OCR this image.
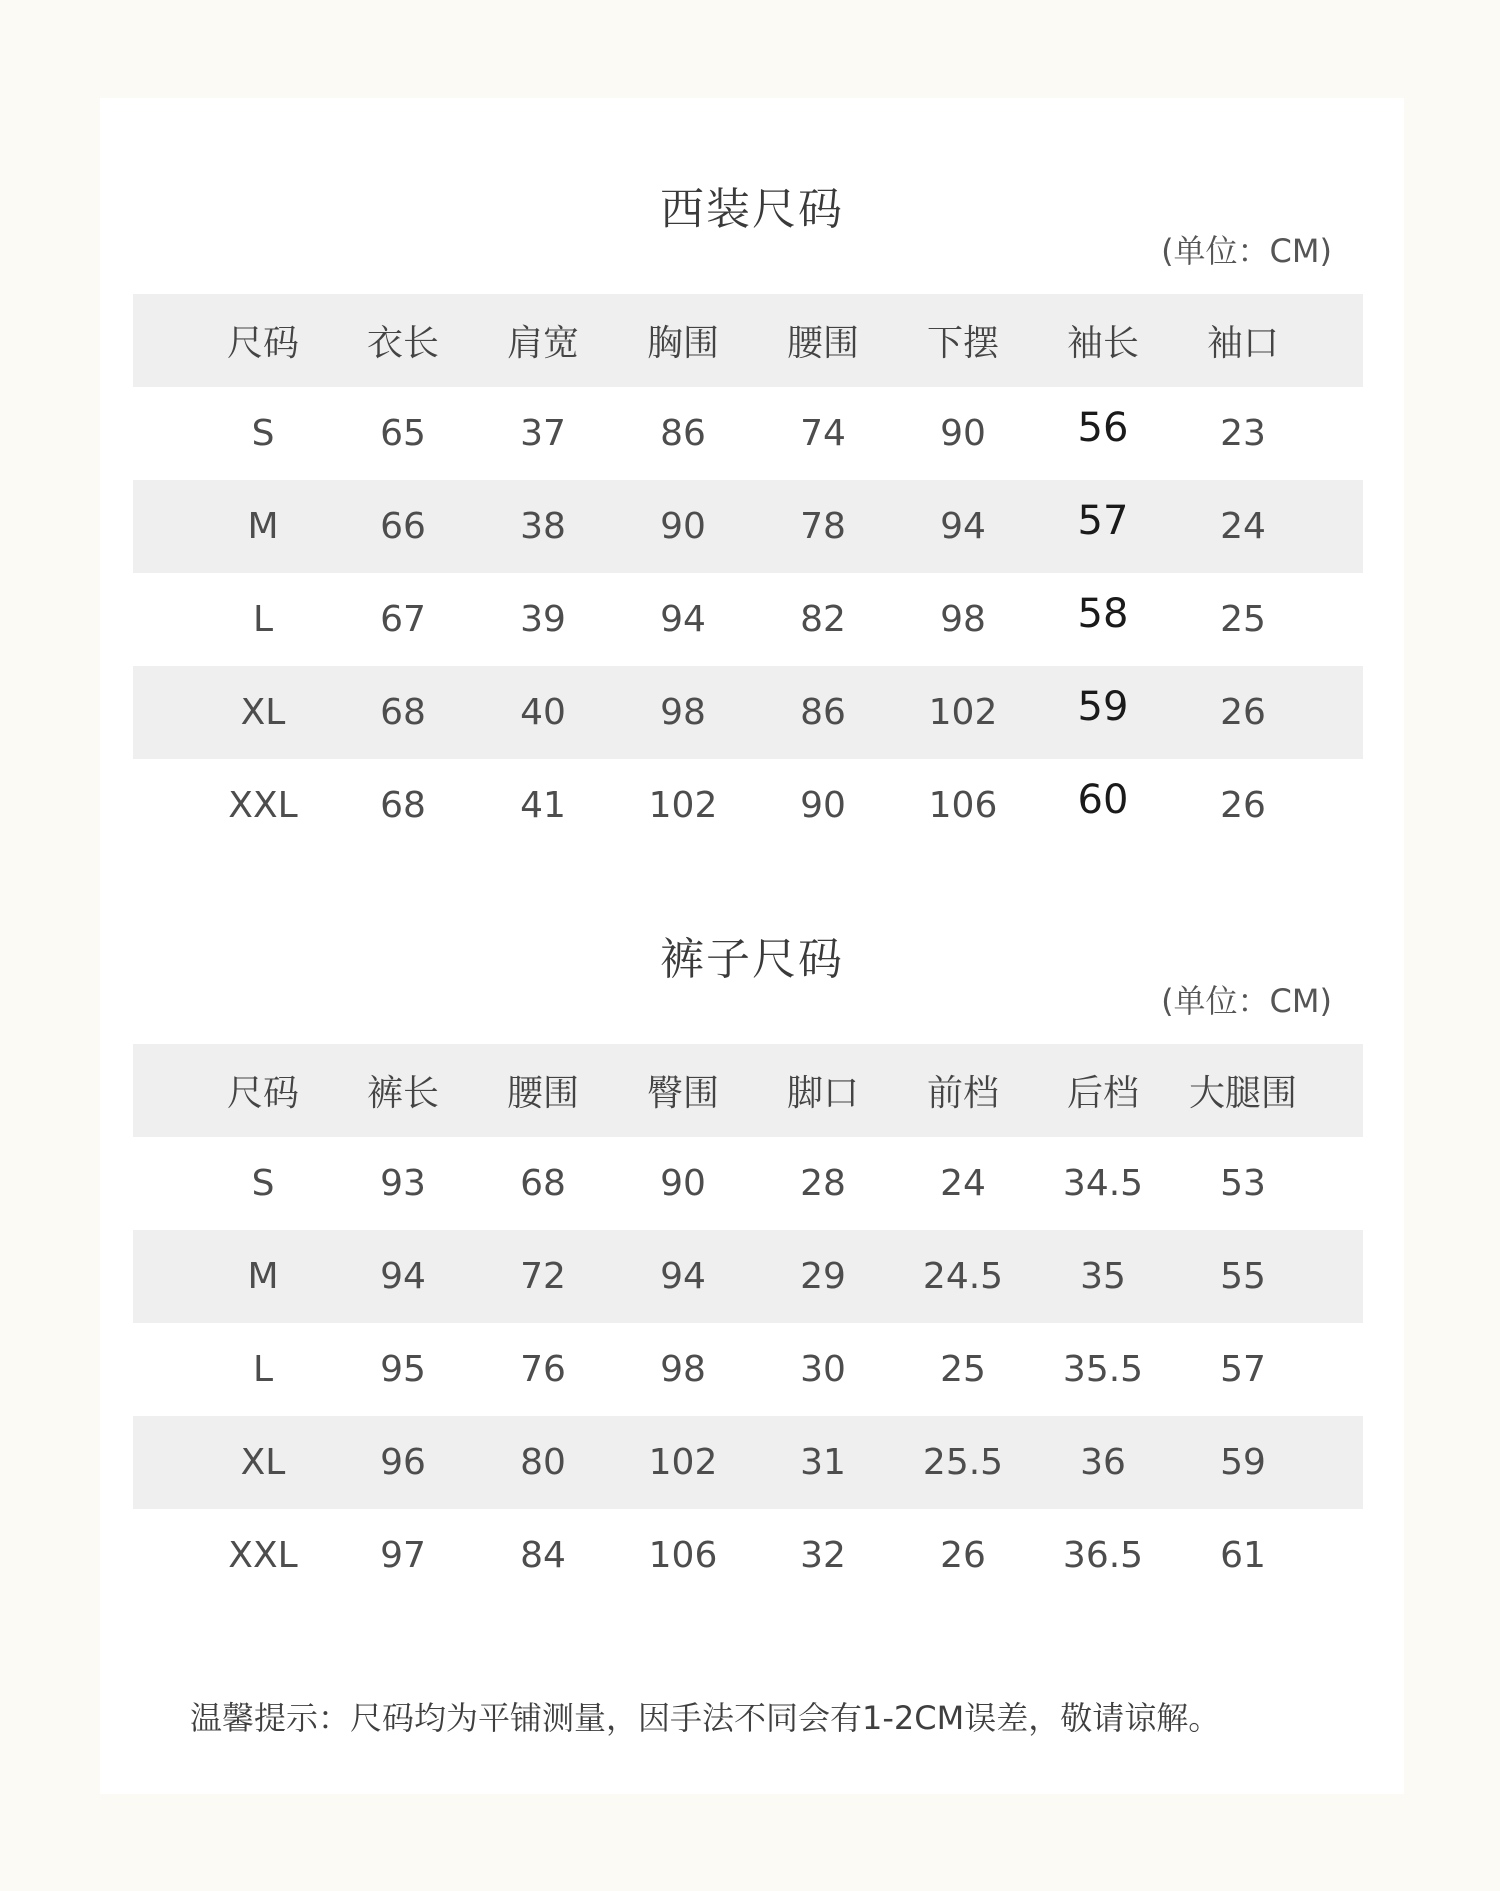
西装尺码
(单位：CM)
尺码	衣长	肩宽	胸围	腰围	下摆	袖长	袖口
S	65	37	86	74	90	56	23
M	66	38	90	78	94	57	24
L	67	39	94	82	98	58	25
XL	68	40	98	86	102	59	26
XXL	68	41	102	90	106	60	26
裤子尺码
(单位：CM)
尺码	裤长	腰围	臀围	脚口	前档	后档	大腿围
S	93	68	90	28	24	34.5	53
M	94	72	94	29	24.5	35	55
L	95	76	98	30	25	35.5	57
XL	96	80	102	31	25.5	36	59
XXL	97	84	106	32	26	36.5	61
温馨提示：尺码均为平铺测量，因手法不同会有1-2CM误差，敬请谅解。
